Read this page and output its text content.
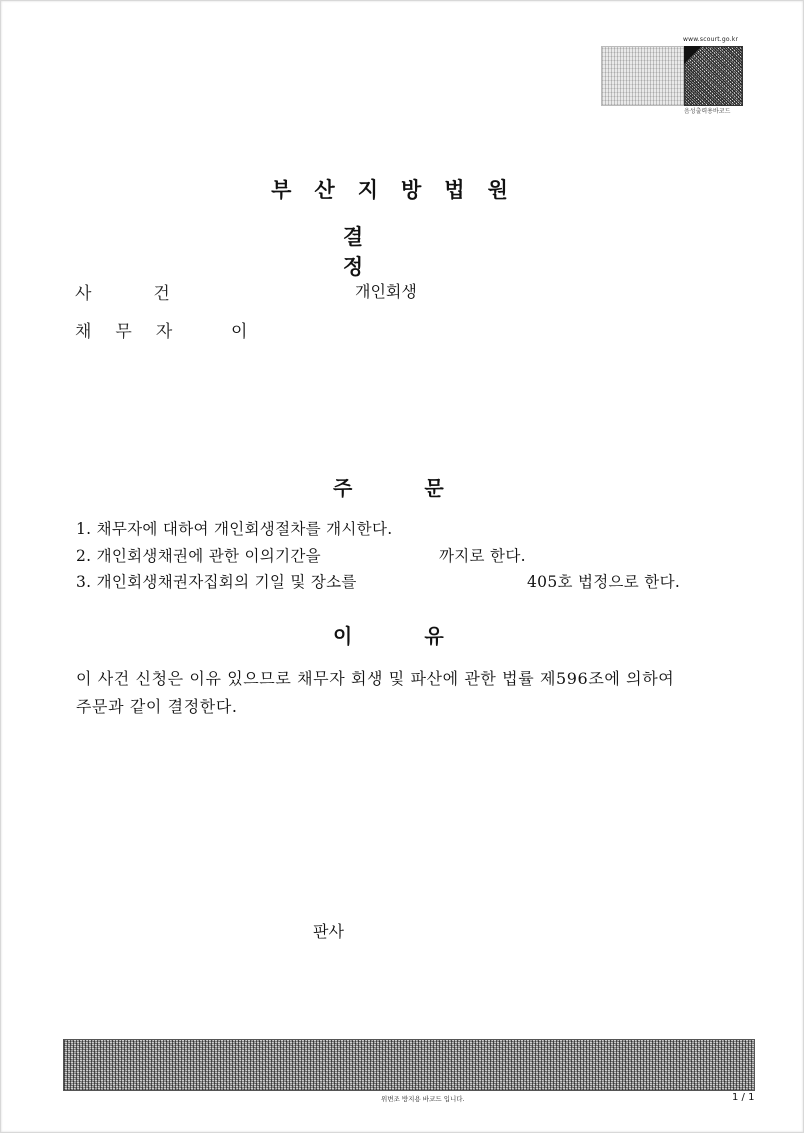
www.scourt.go.kr
음성출력용바코드
부산지방법원
결정
사건	개인회생
채무자 이
주문
1. 채무자에 대하여 개인회생절차를 개시한다.
2. 개인회생채권에 관한 이의기간을	까지로 한다.
3. 개인회생채권자집회의 기일 및 장소를	405호 법정으로 한다.
이유
이 사건 신청은 이유 있으므로 채무자 회생 및 파산에 관한 법률 제596조에 의하여
주문과 같이 결정한다.
판사
위변조 방지용 바코드 입니다.	1 / 1
